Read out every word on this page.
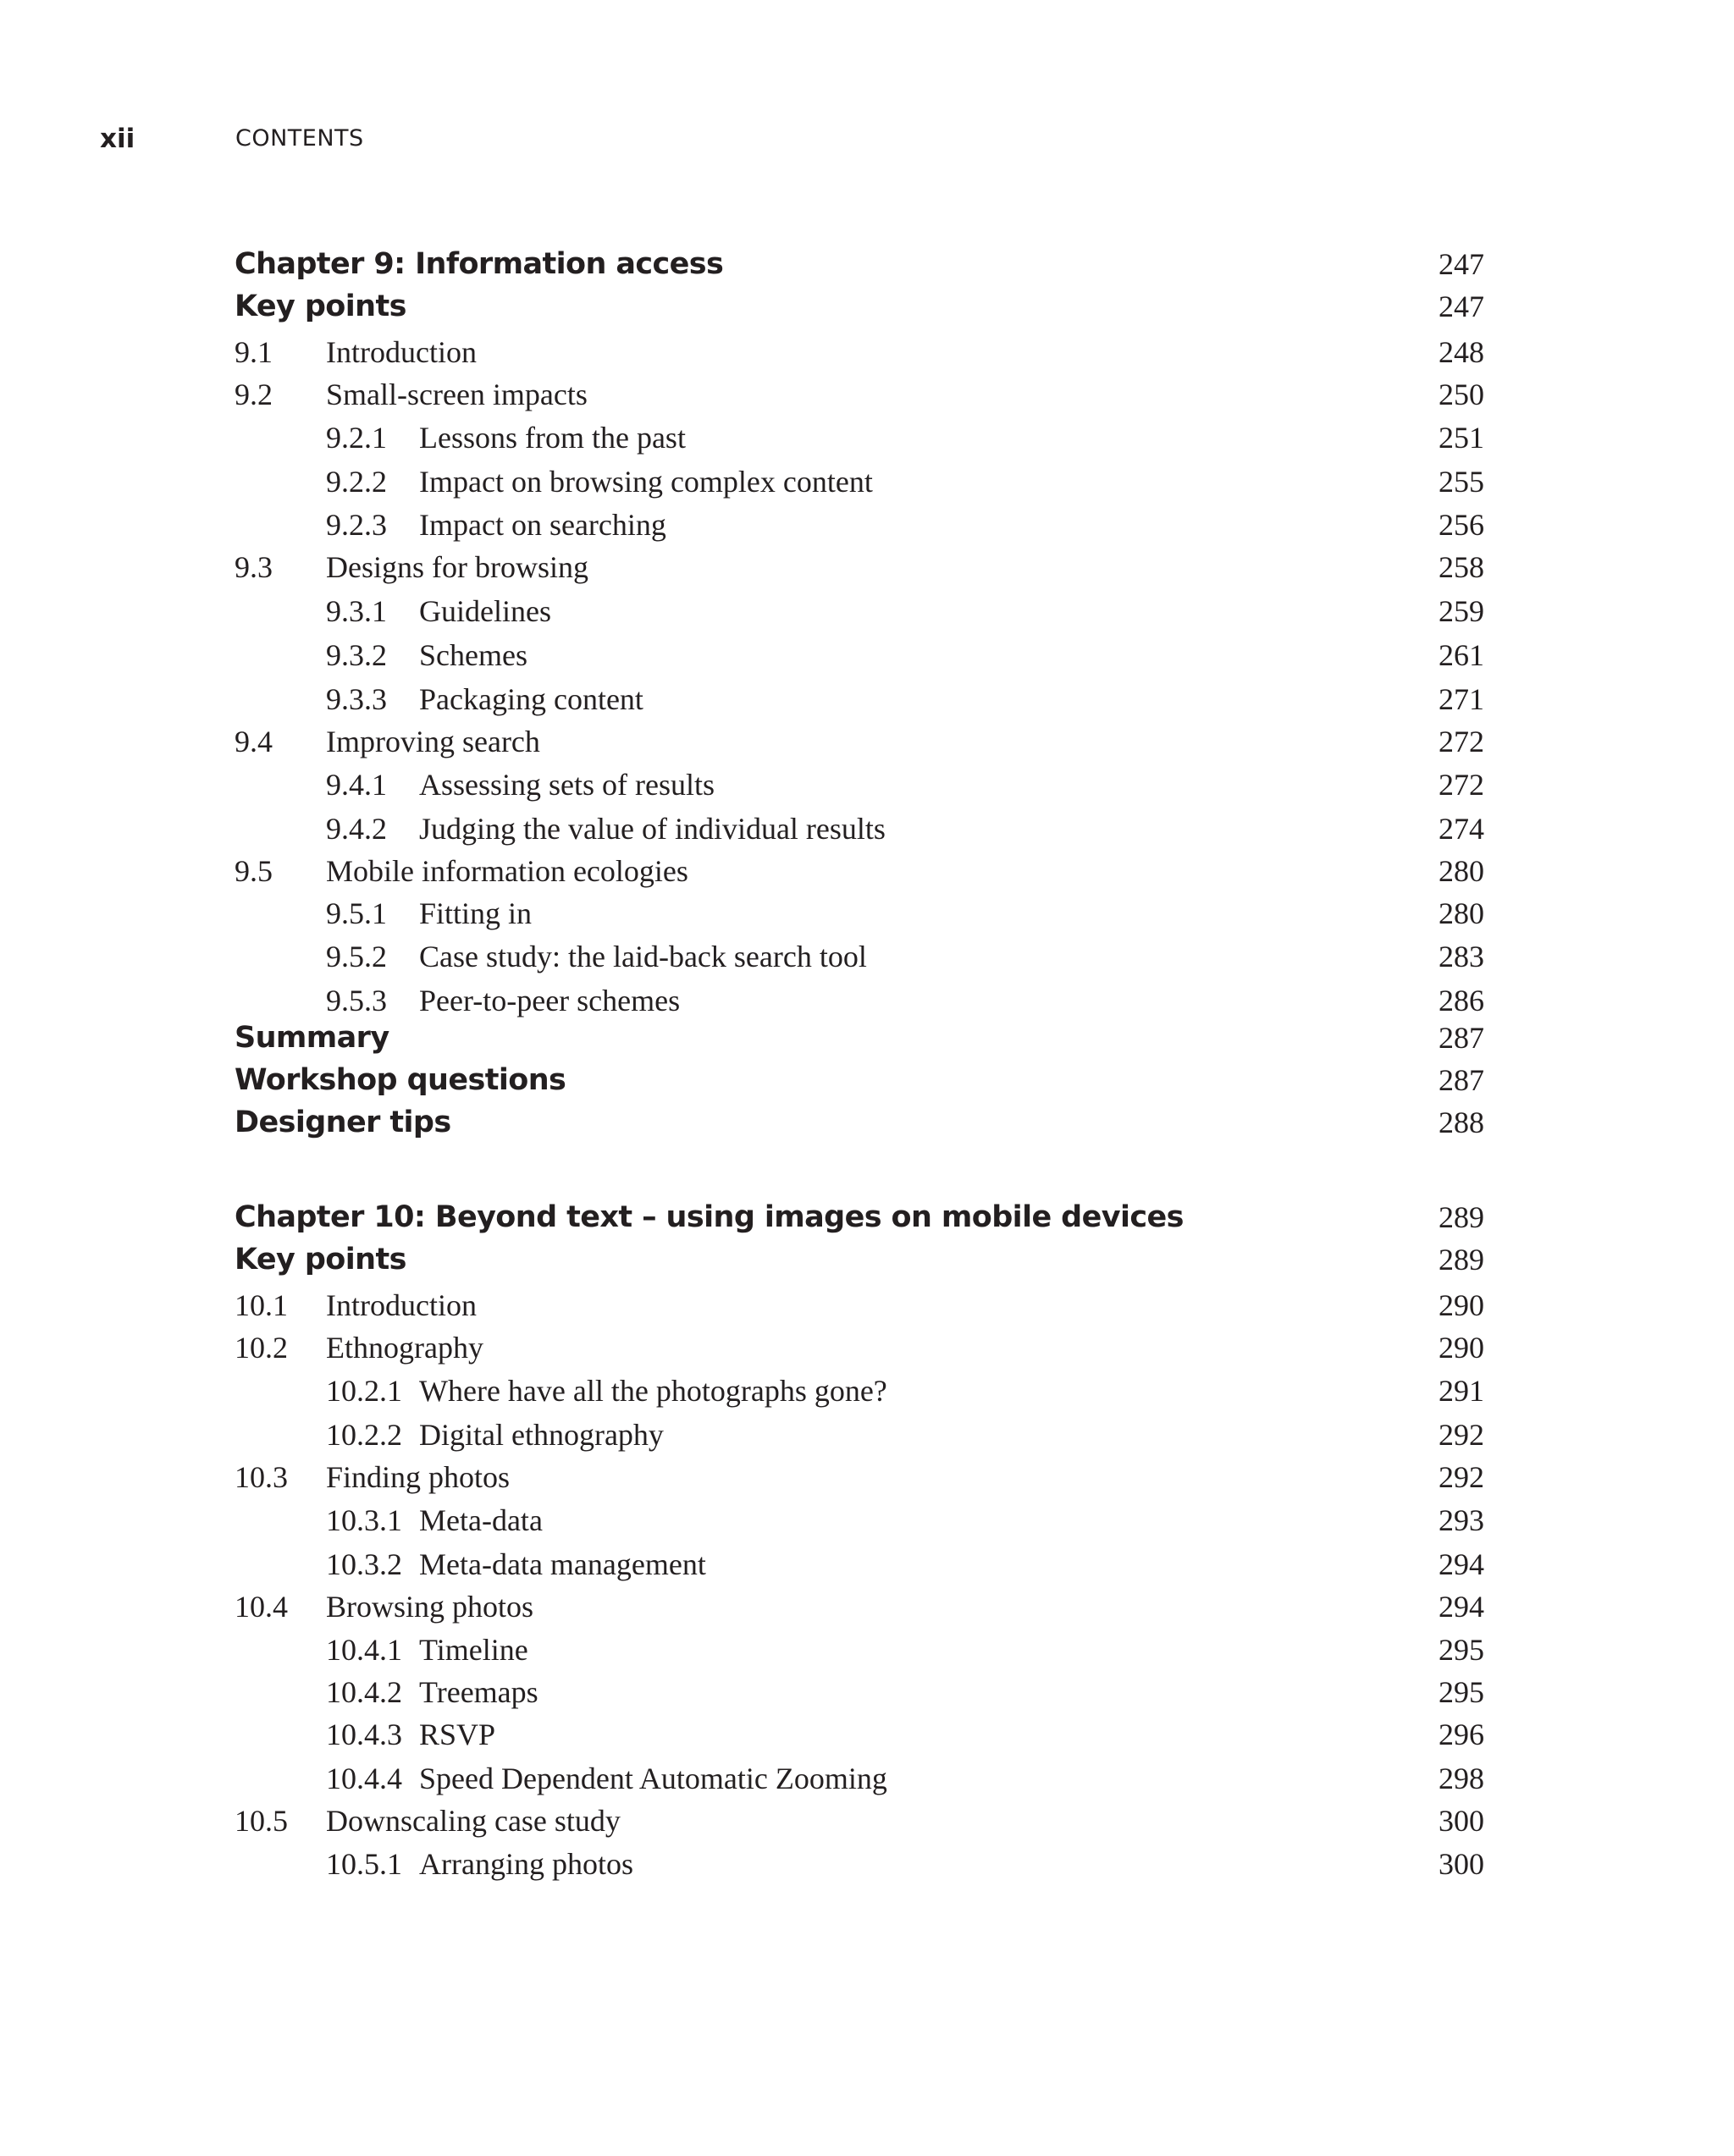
xii	CONTENTS
Chapter 9: Information access	247
Key points	247
9.1 Introduction	248
9.2 Small-screen impacts	250
9.2.1 Lessons from the past	251
9.2.2 Impact on browsing complex content	255
9.2.3 Impact on searching	256
9.3 Designs for browsing	258
9.3.1 Guidelines	259
9.3.2 Schemes	261
9.3.3 Packaging content	271
9.4 Improving search	272
9.4.1 Assessing sets of results	272
9.4.2 Judging the value of individual results	274
9.5 Mobile information ecologies	280
9.5.1 Fitting in	280
9.5.2 Case study: the laid-back search tool	283
9.5.3 Peer-to-peer schemes	286
Summary	287
Workshop questions	287
Designer tips	288
Chapter 10: Beyond text – using images on mobile devices	289
Key points	289
10.1 Introduction	290
10.2 Ethnography	290
10.2.1 Where have all the photographs gone?	291
10.2.2 Digital ethnography	292
10.3 Finding photos	292
10.3.1 Meta-data	293
10.3.2 Meta-data management	294
10.4 Browsing photos	294
10.4.1 Timeline	295
10.4.2 Treemaps	295
10.4.3 RSVP	296
10.4.4 Speed Dependent Automatic Zooming	298
10.5 Downscaling case study	300
10.5.1 Arranging photos	300
